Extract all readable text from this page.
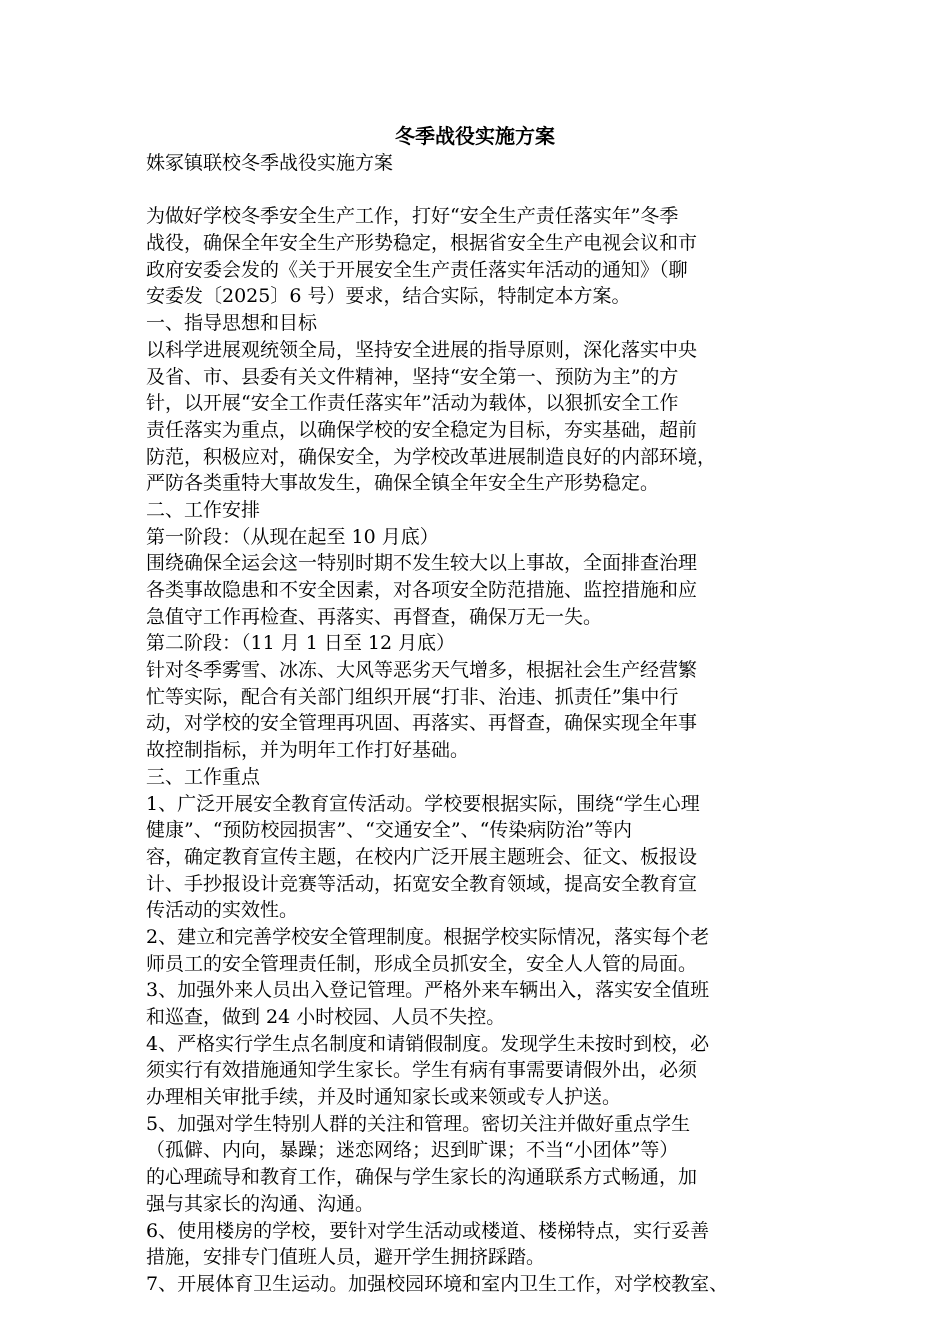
冬季战役实施方案
姝冢镇联校冬季战役实施方案
为做好学校冬季安全生产工作，打好“安全生产责任落实年”冬季
战役，确保全年安全生产形势稳定，根据省安全生产电视会议和市
政府安委会发的《关于开展安全生产责任落实年活动的通知》（聊
安委发〔2025〕6 号）要求，结合实际，特制定本方案。
一、指导思想和目标
以科学进展观统领全局，坚持安全进展的指导原则，深化落实中央
及省、市、县委有关文件精神，坚持“安全第一、预防为主”的方
针，以开展“安全工作责任落实年”活动为载体，以狠抓安全工作
责任落实为重点，以确保学校的安全稳定为目标，夯实基础，超前
防范，积极应对，确保安全，为学校改革进展制造良好的内部环境，
严防各类重特大事故发生，确保全镇全年安全生产形势稳定。
二、工作安排
第一阶段：（从现在起至 10 月底）
围绕确保全运会这一特别时期不发生较大以上事故，全面排查治理
各类事故隐患和不安全因素，对各项安全防范措施、监控措施和应
急值守工作再检查、再落实、再督查，确保万无一失。
第二阶段：（11 月 1 日至 12 月底）
针对冬季雾雪、冰冻、大风等恶劣天气增多，根据社会生产经营繁
忙等实际，配合有关部门组织开展“打非、治违、抓责任”集中行
动，对学校的安全管理再巩固、再落实、再督查，确保实现全年事
故控制指标，并为明年工作打好基础。
三、工作重点
1、广泛开展安全教育宣传活动。学校要根据实际，围绕“学生心理
健康”、“预防校园损害”、“交通安全”、“传染病防治”等内
容，确定教育宣传主题，在校内广泛开展主题班会、征文、板报设
计、手抄报设计竞赛等活动，拓宽安全教育领域，提高安全教育宣
传活动的实效性。
2、建立和完善学校安全管理制度。根据学校实际情况，落实每个老
师员工的安全管理责任制，形成全员抓安全，安全人人管的局面。
3、加强外来人员出入登记管理。严格外来车辆出入，落实安全值班
和巡查，做到 24 小时校园、人员不失控。
4、严格实行学生点名制度和请销假制度。发现学生未按时到校，必
须实行有效措施通知学生家长。学生有病有事需要请假外出，必须
办理相关审批手续，并及时通知家长或来领或专人护送。
5、加强对学生特别人群的关注和管理。密切关注并做好重点学生
（孤僻、内向，暴躁；迷恋网络；迟到旷课；不当“小团体”等）
的心理疏导和教育工作，确保与学生家长的沟通联系方式畅通，加
强与其家长的沟通、沟通。
6、使用楼房的学校，要针对学生活动或楼道、楼梯特点，实行妥善
措施，安排专门值班人员，避开学生拥挤踩踏。
7、开展体育卫生运动。加强校园环境和室内卫生工作，对学校教室、
